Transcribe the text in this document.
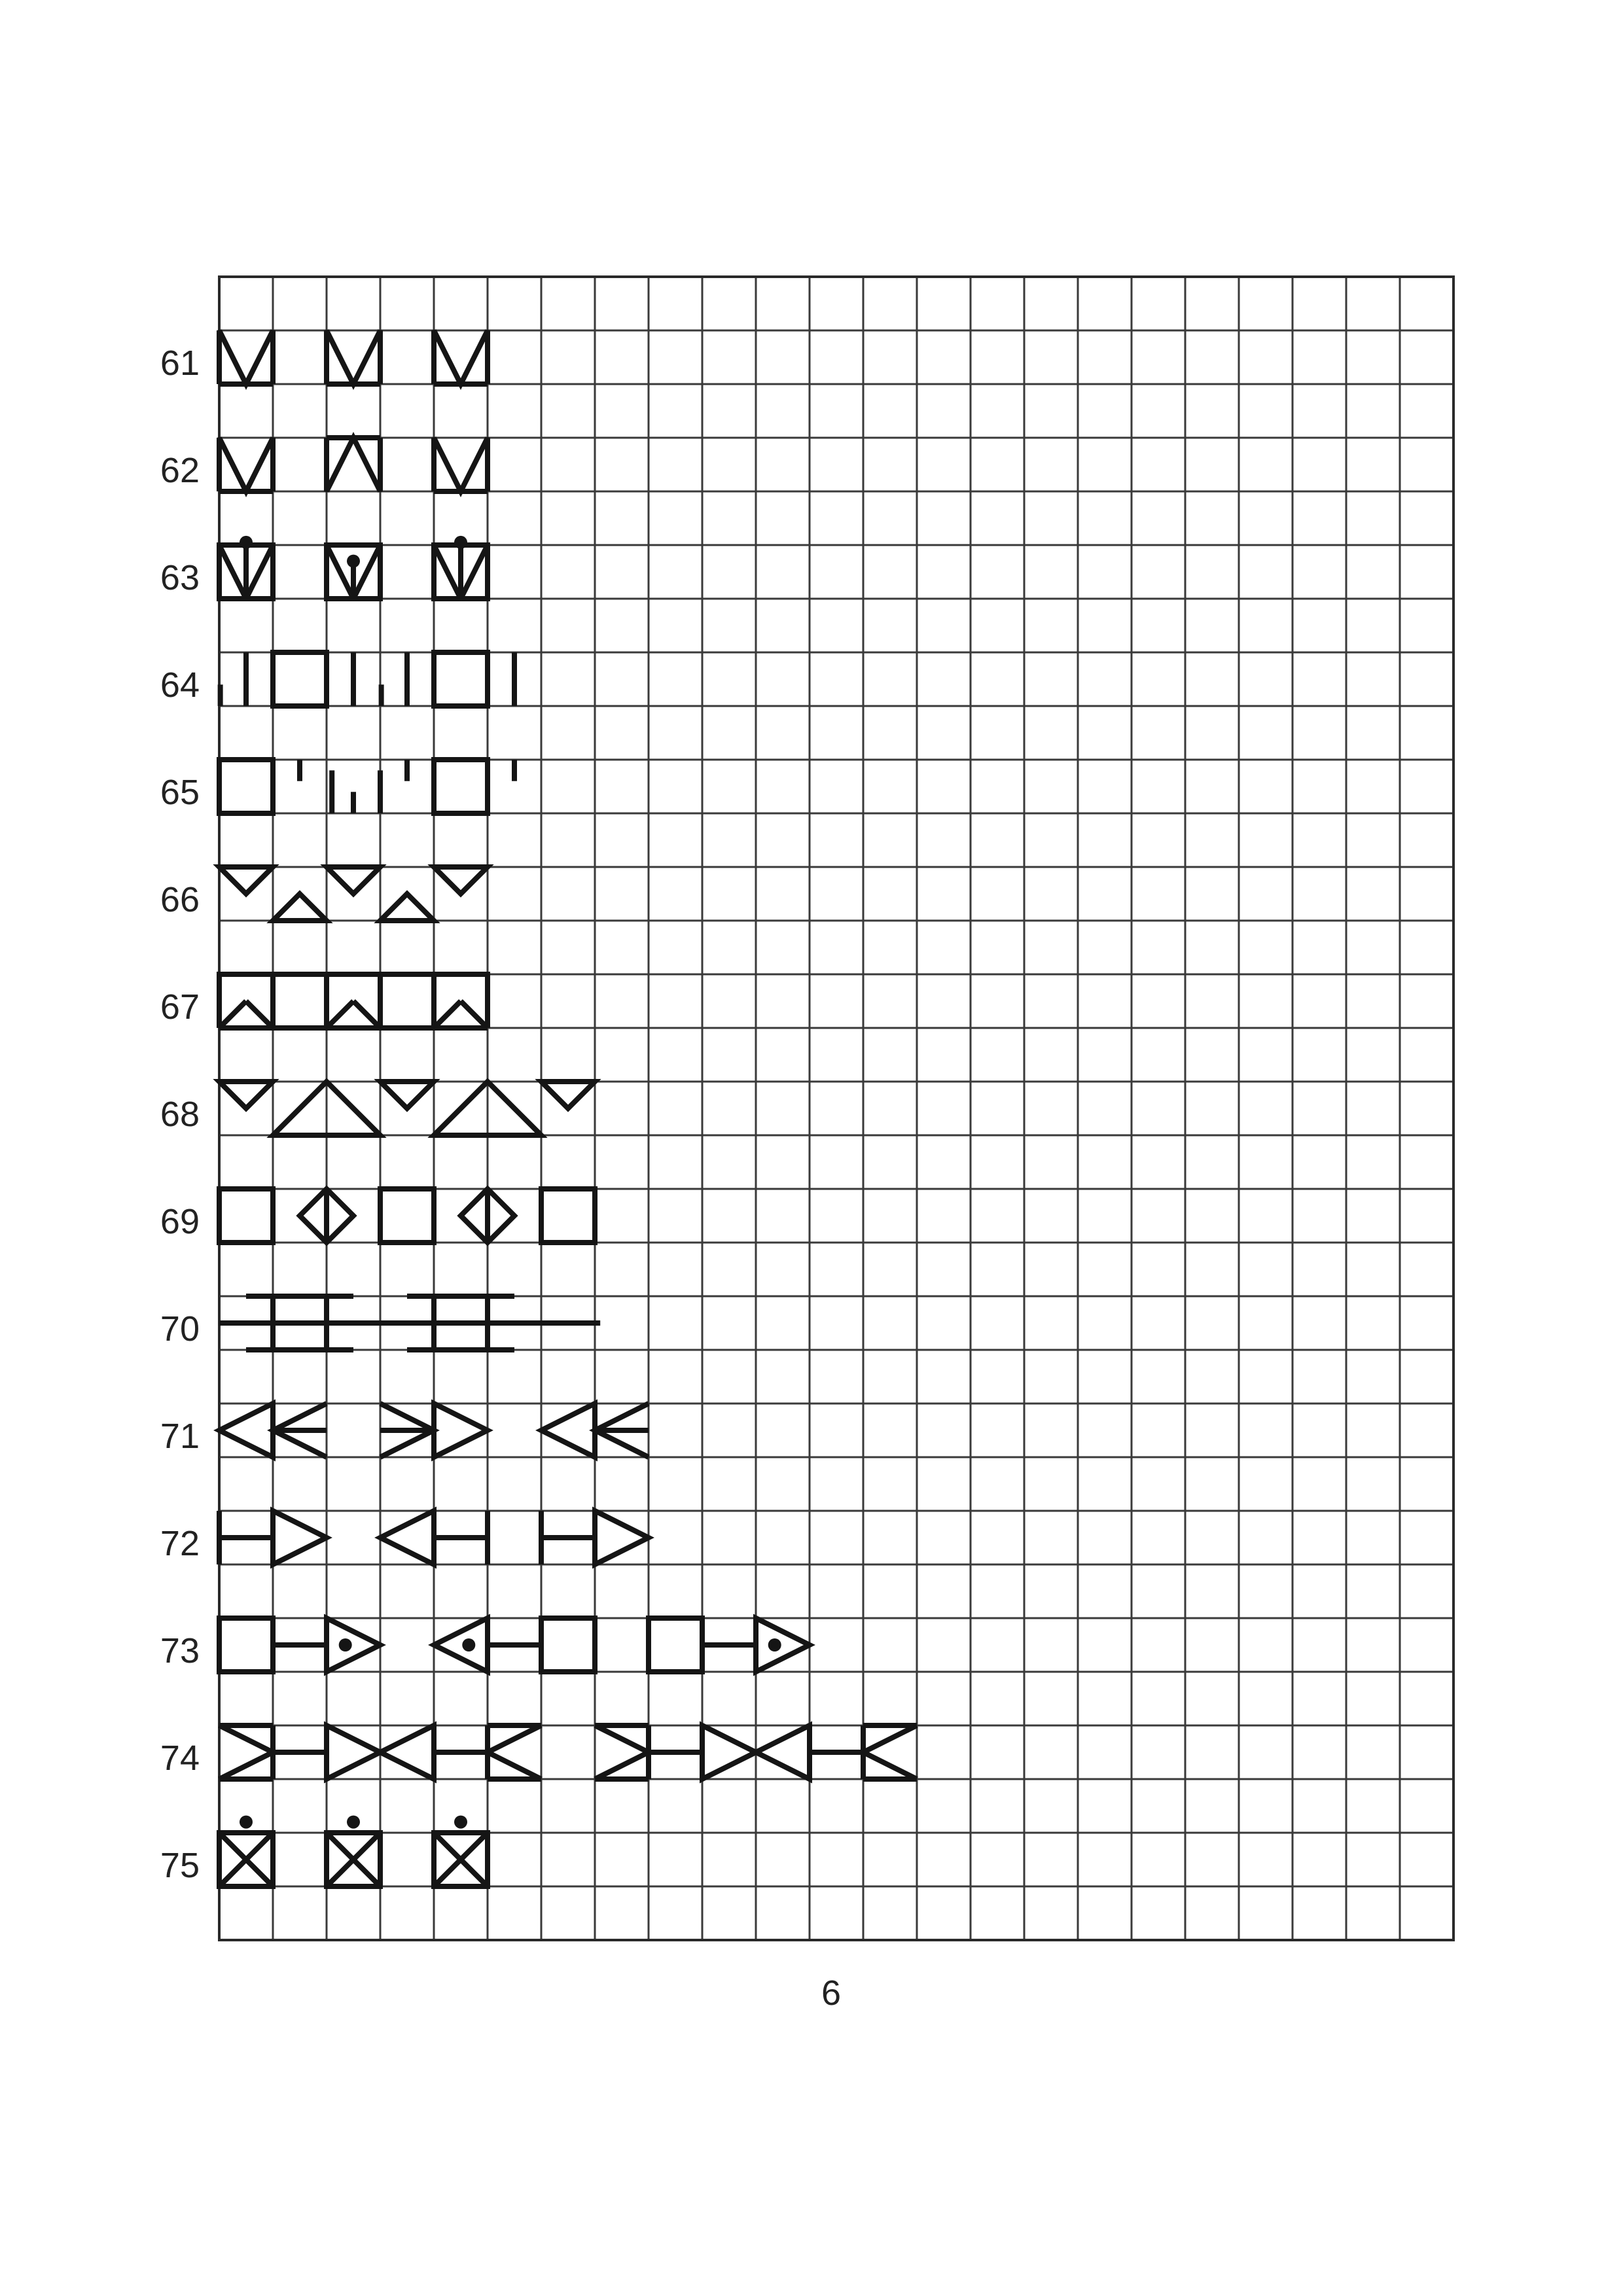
61
62
63
64
65
66
67
68
69
70
71
72
73
74
75
6
